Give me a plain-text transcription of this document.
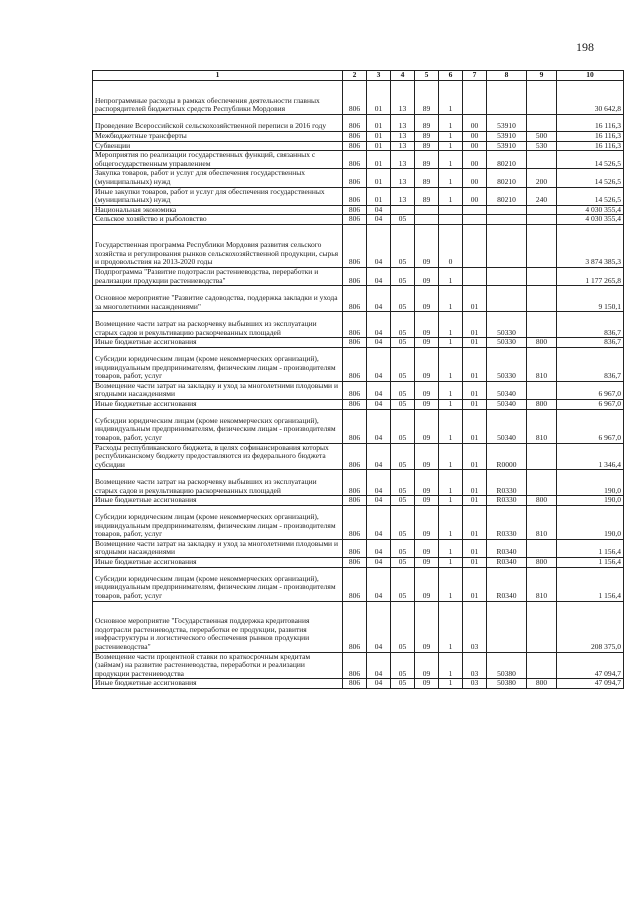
198
1	2	3	4	5	6	7	8	9	10
Непрограммные расходы в рамках обеспечения деятельности главных распорядителей бюджетных средств Республики Мордовия	806	01	13	89	1				30 642,8
Проведение Всероссийской сельскохозяйственной переписи в 2016 году	806	01	13	89	1	00	53910		16 116,3
Межбюджетные трансферты	806	01	13	89	1	00	53910	500	16 116,3
Субвенции	806	01	13	89	1	00	53910	530	16 116,3
Мероприятия по реализации государственных функций, связанных с общегосударственным управлением	806	01	13	89	1	00	80210		14 526,5
Закупка товаров, работ и услуг для обеспечения государственных (муниципальных) нужд	806	01	13	89	1	00	80210	200	14 526,5
Иные закупки товаров, работ и услуг для обеспечения государственных (муниципальных) нужд	806	01	13	89	1	00	80210	240	14 526,5
Национальная экономика	806	04							4 030 355,4
Сельское хозяйство и рыболовство	806	04	05						4 030 355,4
Государственная программа Республики Мордовия развития сельского хозяйства и регулирования рынков сельскохозяйственной продукции, сырья и продовольствия на 2013-2020 годы	806	04	05	09	0				3 874 385,3
Подпрограмма "Развитие подотрасли растениеводства, переработки и реализации продукции растениеводства"	806	04	05	09	1				1 177 265,8
Основное мероприятие "Развитие садоводства, поддержка закладки и ухода за многолетними насаждениями"	806	04	05	09	1	01			9 150,1
Возмещение части затрат на раскорчевку выбывших из эксплуатации старых садов и рекультивацию раскорчеванных площадей	806	04	05	09	1	01	50330		836,7
Иные бюджетные ассигнования	806	04	05	09	1	01	50330	800	836,7
Субсидии юридическим лицам (кроме некоммерческих организаций), индивидуальным предпринимателям, физическим лицам - производителям товаров, работ, услуг	806	04	05	09	1	01	50330	810	836,7
Возмещение части затрат на закладку и уход за многолетними плодовыми и ягодными насаждениями	806	04	05	09	1	01	50340		6 967,0
Иные бюджетные ассигнования	806	04	05	09	1	01	50340	800	6 967,0
Субсидии юридическим лицам (кроме некоммерческих организаций), индивидуальным предпринимателям, физическим лицам - производителям товаров, работ, услуг	806	04	05	09	1	01	50340	810	6 967,0
Расходы республиканского бюджета, в целях софинансирования которых республиканскому бюджету предоставляются из федерального бюджета субсидии	806	04	05	09	1	01	R0000		1 346,4
Возмещение части затрат на раскорчевку выбывших из эксплуатации старых садов и рекультивацию раскорчеванных площадей	806	04	05	09	1	01	R0330		190,0
Иные бюджетные ассигнования	806	04	05	09	1	01	R0330	800	190,0
Субсидии юридическим лицам (кроме некоммерческих организаций), индивидуальным предпринимателям, физическим лицам - производителям товаров, работ, услуг	806	04	05	09	1	01	R0330	810	190,0
Возмещение части затрат на закладку и уход за многолетними плодовыми и ягодными насаждениями	806	04	05	09	1	01	R0340		1 156,4
Иные бюджетные ассигнования	806	04	05	09	1	01	R0340	800	1 156,4
Субсидии юридическим лицам (кроме некоммерческих организаций), индивидуальным предпринимателям, физическим лицам - производителям товаров, работ, услуг	806	04	05	09	1	01	R0340	810	1 156,4
Основное мероприятие "Государственная поддержка кредитования подотрасли растениеводства, переработки ее продукции, развития инфраструктуры и логистического обеспечения рынков продукции растениеводства"	806	04	05	09	1	03			208 375,0
Возмещение части процентной ставки по краткосрочным кредитам (займам) на развитие растениеводства, переработки и реализации продукции растениеводства	806	04	05	09	1	03	50380		47 094,7
Иные бюджетные ассигнования	806	04	05	09	1	03	50380	800	47 094,7
